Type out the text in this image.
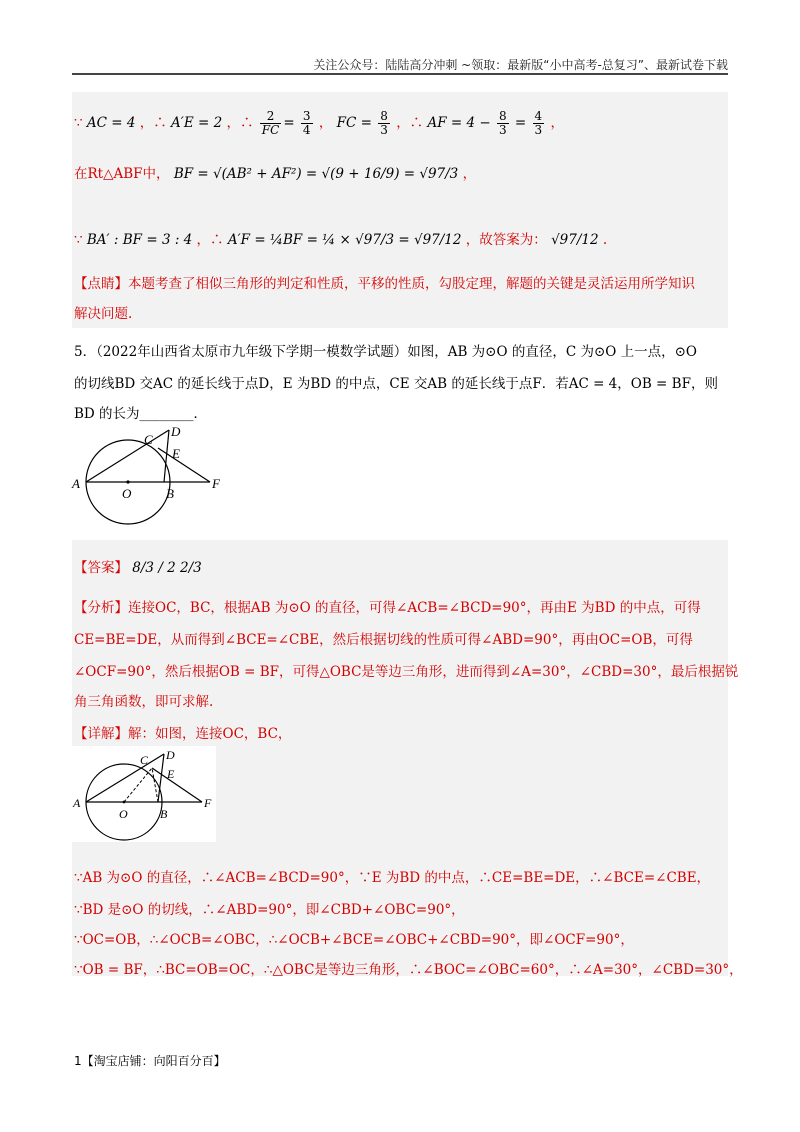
关注公众号：陆陆高分冲刺 ~领取：最新版“小中高考-总复习”、最新试卷下载
∵ AC = 4 ，∴ A′E = 2 ，∴ $\frac{2}{FC} = \frac{3}{4}$ ， FC = $\frac{8}{3}$ ，∴ AF = $4 - \frac{8}{3} = \frac{4}{3}$ ，
在Rt△ABF中， BF = √(AB² + AF²) = √(9 + 16/9) = √97/3 ，
∵ BA′ : BF = 3 : 4 ，∴ A′F = ¼BF = ¼ × √97/3 = √97/12 ，故答案为： √97/12 .
【点睛】本题考查了相似三角形的判定和性质，平移的性质，勾股定理，解题的关键是灵活运用所学知识
解决问题.
5．（2022年山西省太原市九年级下学期一模数学试题）如图，AB 为⊙O 的直径，C 为⊙O 上一点，⊙O
的切线BD 交AC 的延长线于点D，E 为BD 的中点，CE 交AB 的延长线于点F．若AC = 4，OB = BF，则
BD 的长为________．
C
D
E
A
O	B
F
【答案】 8/3 / 2 2/3
【分析】连接OC，BC，根据AB 为⊙O 的直径，可得∠ACB=∠BCD=90°，再由E 为BD 的中点，可得
CE=BE=DE，从而得到∠BCE=∠CBE，然后根据切线的性质可得∠ABD=90°，再由OC=OB，可得
∠OCF=90°，然后根据OB = BF，可得△OBC是等边三角形，进而得到∠A=30°，∠CBD=30°，最后根据锐
角三角函数，即可求解.
【详解】解：如图，连接OC，BC，
C D
E
A
O	B
F
∵AB 为⊙O 的直径，∴∠ACB=∠BCD=90°，∵E 为BD 的中点，∴CE=BE=DE，∴∠BCE=∠CBE，
∵BD 是⊙O 的切线，∴∠ABD=90°，即∠CBD+∠OBC=90°，
∵OC=OB，∴∠OCB=∠OBC，∴∠OCB+∠BCE=∠OBC+∠CBD=90°，即∠OCF=90°，
∵OB = BF，∴BC=OB=OC，∴△OBC是等边三角形，∴∠BOC=∠OBC=60°，∴∠A=30°，∠CBD=30°，
1【淘宝店铺：向阳百分百】
